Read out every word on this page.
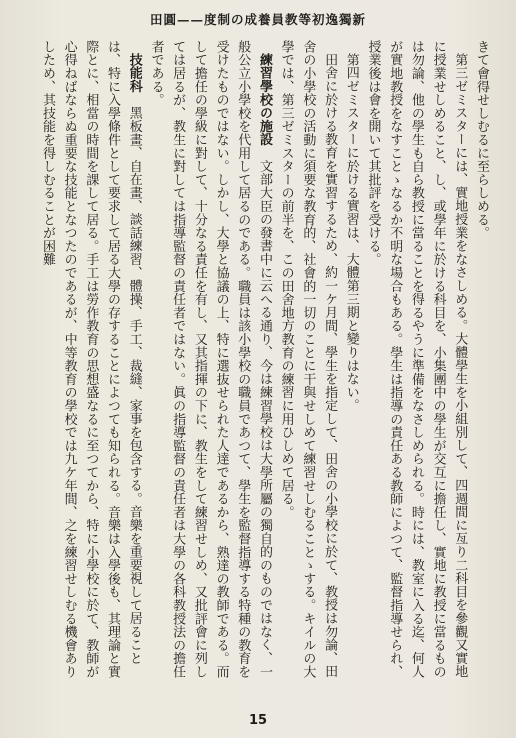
田圓——度制の成養員教等初逸獨新

きて會得せしむるに至らしめる。

第三ゼミスターには、實地授業をなさしめる。大體學生を小組別して、四週間に亙り二科目を參觀又實地に授業せしめること、し、或學年に於ける科目を、小集團中の學生が交互に擔任し、實地に教授に當るものは勿論、他の學生も自ら教授に當ることを得るやうに準備をなさしめられる。時には、教室に入る迄、何人が實地教授をなすことゝなるか不明な場合もある。學生は指導の責任ある教師によつて、監督指導せられ、授業後は會を開いて其批評を受ける。

第四ゼミスターに於ける實習は、大體第三期と變りはない。

田舍に於ける教育を實習するため、約一ケ月間、學生を指定して、田舍の小學校に於て、教授は勿論、田舍の小學校の活動に須要な教育的、社會的一切のことに干與せしめて練習せしむることゝする。キイルの大學では、第三ゼミスターの前半を、この田舍地方教育の練習に用ひしめて居る。

練習學校の施設　文部大臣の發書中に云へる通り、今は練習學校は大學所屬の獨自的のものではなく、一般公立小學校を代用して居るのである。職員は該小學校の職員であつて、學生を監督指導する特種の教育を受けたものではない。しかし、大學と協議の上、特に選抜せられた人達であるから、熟達の教師である。而して擔任の學級に對して、十分なる責任を有し、又其指揮の下に、教生をして練習せしめ、又批評會に列しては居るが、教生に對しては指導監督の責任者ではない。眞の指導監督の責任者は大學の各科教授法の擔任者である。

技能科　黑板畫、自在畫、談話練習、體操、手工、裁縫、家事を包含する。音樂を重要視して居ることは、特に入學條件として要求して居る大學の存することによつても知られる。音樂は入學後も、其理論と實際とに、相當の時間を課して居る。手工は勞作教育の思想盛なるに至つてから、特に小學校に於て、教師が心得ねばならぬ重要な技能となつたのであるが、中等教育の學校では九ケ年間、之を練習せしむる機會ありしため、其技能を得しむることが困難

15
